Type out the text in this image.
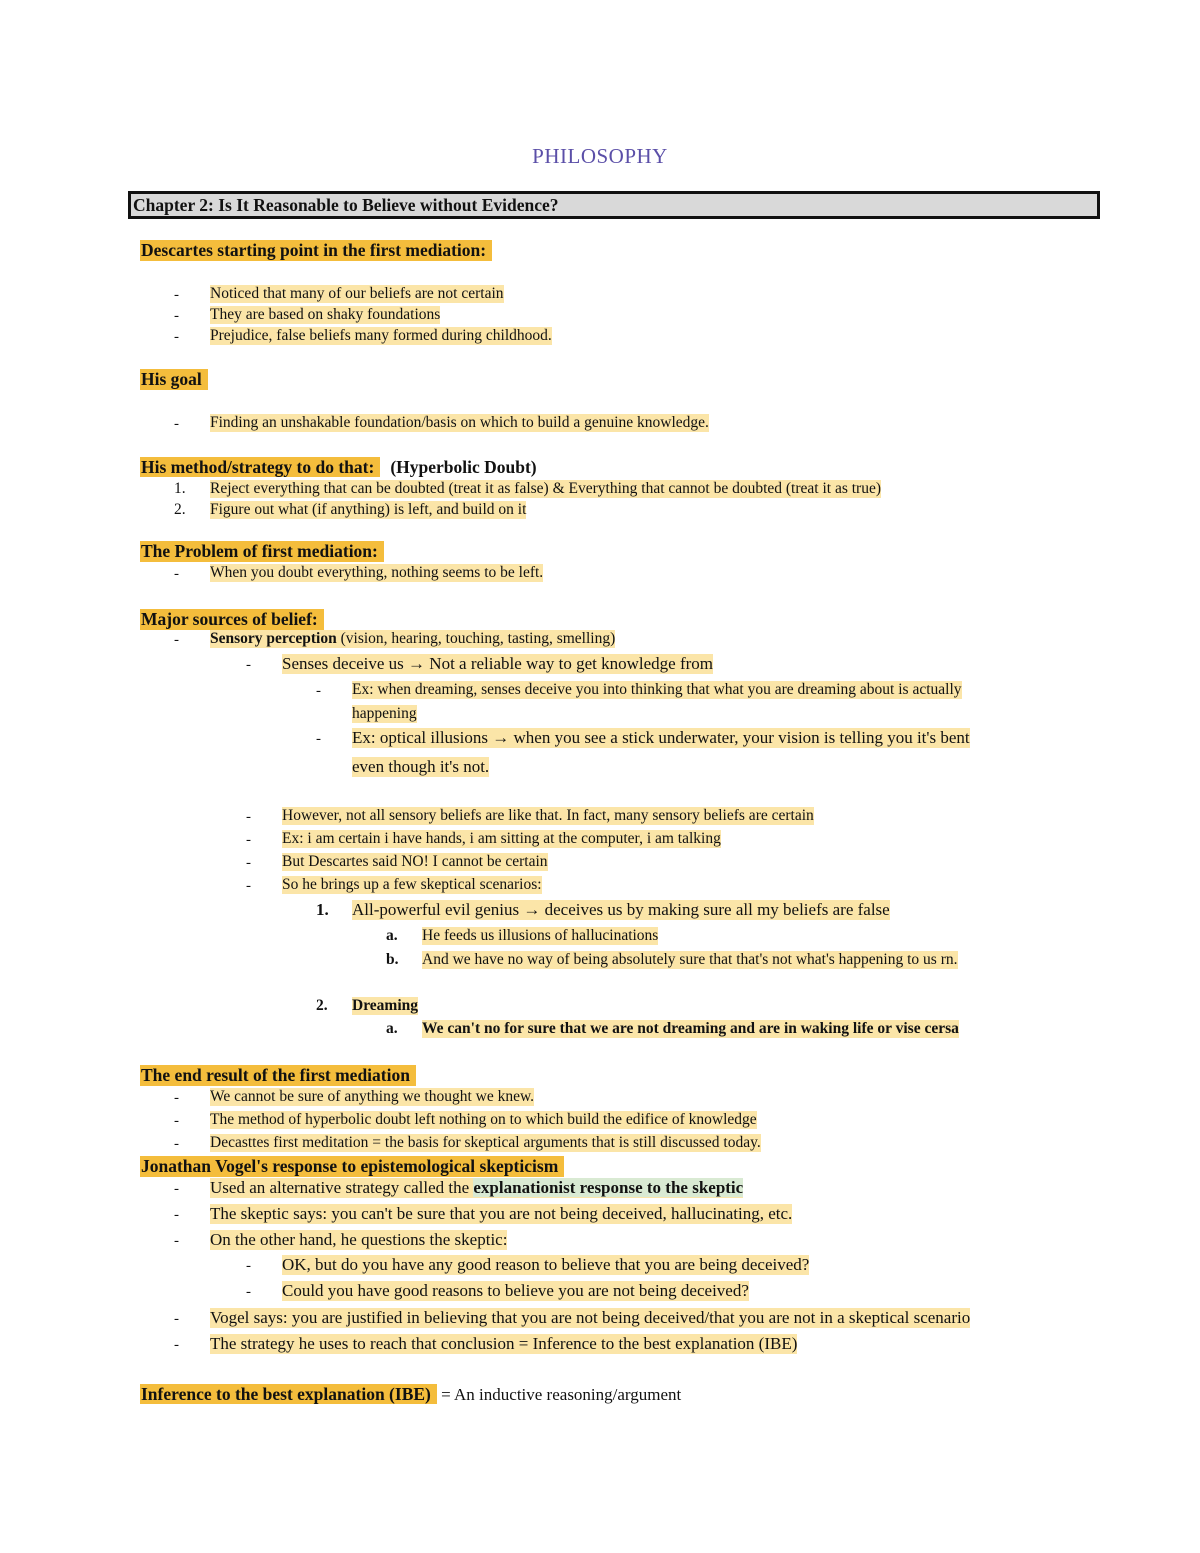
PHILOSOPHY
Chapter 2: Is It Reasonable to Believe without Evidence?
Descartes starting point in the first mediation:
- Noticed that many of our beliefs are not certain
- They are based on shaky foundations
- Prejudice, false beliefs many formed during childhood.
His goal
- Finding an unshakable foundation/basis on which to build a genuine knowledge.
His method/strategy to do that: (Hyperbolic Doubt)
1. Reject everything that can be doubted (treat it as false) & Everything that cannot be doubted (treat it as true)
2. Figure out what (if anything) is left, and build on it
The Problem of first mediation:
- When you doubt everything, nothing seems to be left.
Major sources of belief:
- Sensory perception (vision, hearing, touching, tasting, smelling)
- Senses deceive us → Not a reliable way to get knowledge from
- Ex: when dreaming, senses deceive you into thinking that what you are dreaming about is actually
happening
- Ex: optical illusions → when you see a stick underwater, your vision is telling you it's bent
even though it's not.
- However, not all sensory beliefs are like that. In fact, many sensory beliefs are certain
- Ex: i am certain i have hands, i am sitting at the computer, i am talking
- But Descartes said NO! I cannot be certain
- So he brings up a few skeptical scenarios:
1. All-powerful evil genius → deceives us by making sure all my beliefs are false
a. He feeds us illusions of hallucinations
b. And we have no way of being absolutely sure that that's not what's happening to us rn.
2. Dreaming
a. We can't no for sure that we are not dreaming and are in waking life or vise cersa
The end result of the first mediation
- We cannot be sure of anything we thought we knew.
- The method of hyperbolic doubt left nothing on to which build the edifice of knowledge
- Decasttes first meditation = the basis for skeptical arguments that is still discussed today.
Jonathan Vogel's response to epistemological skepticism
- Used an alternative strategy called the explanationist response to the skeptic
- The skeptic says: you can't be sure that you are not being deceived, hallucinating, etc.
- On the other hand, he questions the skeptic:
- OK, but do you have any good reason to believe that you are being deceived?
- Could you have good reasons to believe you are not being deceived?
- Vogel says: you are justified in believing that you are not being deceived/that you are not in a skeptical scenario
- The strategy he uses to reach that conclusion = Inference to the best explanation (IBE)
Inference to the best explanation (IBE) = An inductive reasoning/argument
